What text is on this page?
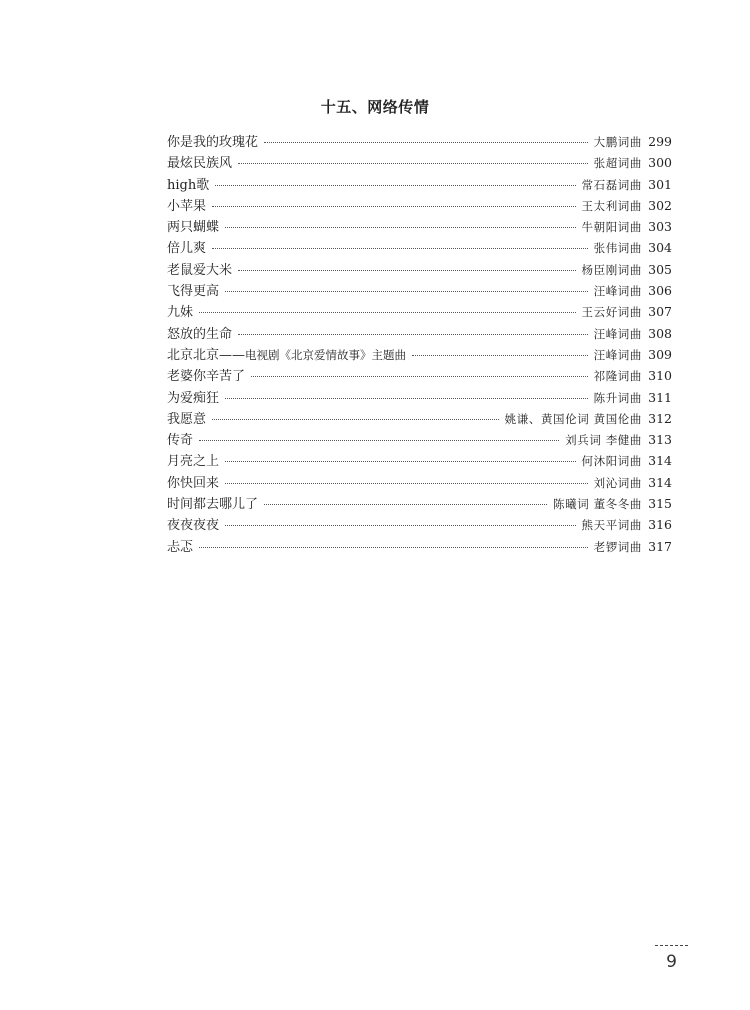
十五、网络传情
你是我的玫瑰花	大鹏词曲 299
最炫民族风	张超词曲 300
high歌	常石磊词曲 301
小苹果	王太利词曲 302
两只蝴蝶	牛朝阳词曲 303
倍儿爽	张伟词曲 304
老鼠爱大米	杨臣刚词曲 305
飞得更高	汪峰词曲 306
九妹	王云好词曲 307
怒放的生命	汪峰词曲 308
北京北京——电视剧《北京爱情故事》主题曲	汪峰词曲 309
老婆你辛苦了	祁隆词曲 310
为爱痴狂	陈升词曲 311
我愿意	姚谦、黄国伦词 黄国伦曲 312
传奇	刘兵词 李健曲 313
月亮之上	何沐阳词曲 314
你快回来	刘沁词曲 314
时间都去哪儿了	陈曦词 董冬冬曲 315
夜夜夜夜	熊天平词曲 316
忐忑	老锣词曲 317
9
